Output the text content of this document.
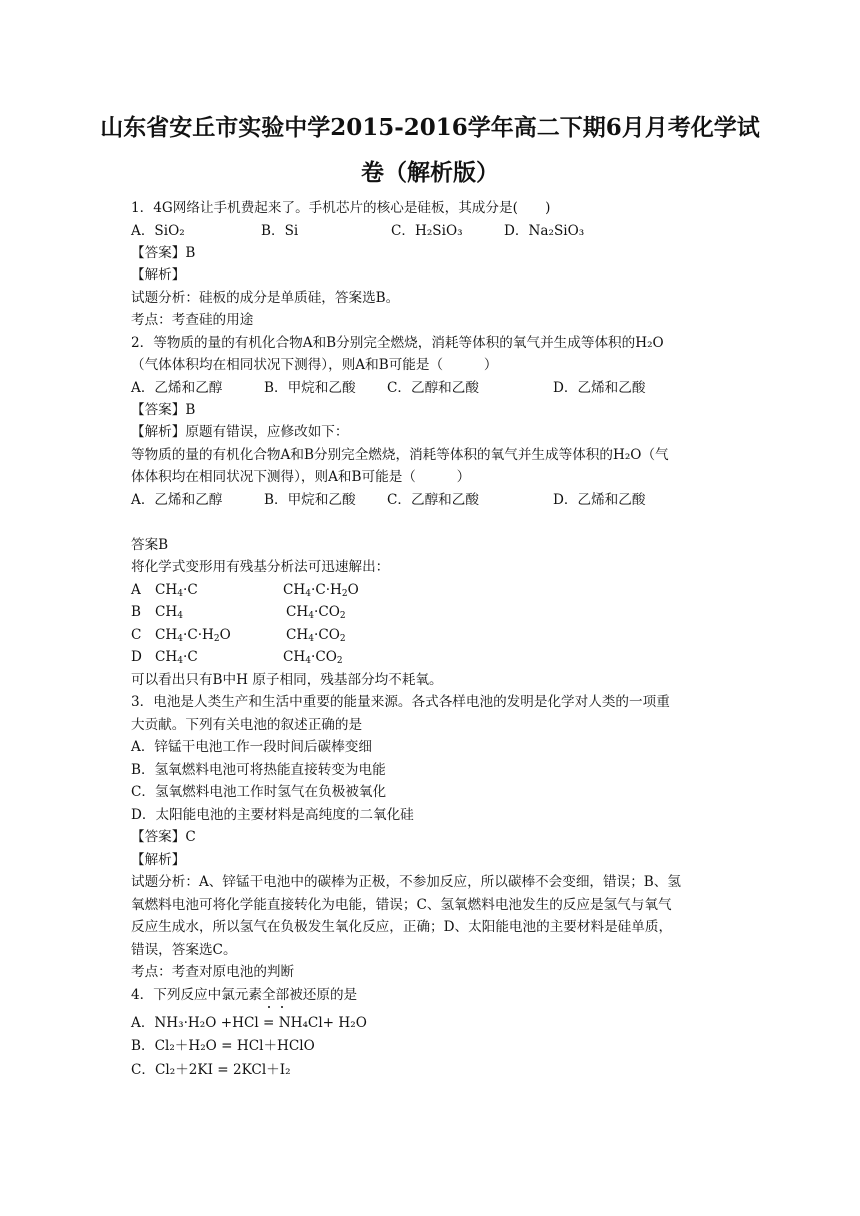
山东省安丘市实验中学2015-2016学年高二下期6月月考化学试
卷（解析版）
1．4G网络让手机费起来了。手机芯片的核心是硅板，其成分是(　　)
A．SiO₂	B．Si	C．H₂SiO₃	D．Na₂SiO₃
【答案】B
【解析】
试题分析：硅板的成分是单质硅，答案选B。
考点：考查硅的用途
2．等物质的量的有机化合物A和B分别完全燃烧，消耗等体积的氧气并生成等体积的H₂O
（气体体积均在相同状况下测得），则A和B可能是（　　　）
A．乙烯和乙醇	B．甲烷和乙酸 C．乙醇和乙酸	D．乙烯和乙酸
【答案】B
【解析】原题有错误，应修改如下：
等物质的量的有机化合物A和B分别完全燃烧，消耗等体积的氧气并生成等体积的H₂O（气
体体积均在相同状况下测得），则A和B可能是（　　　）
A．乙烯和乙醇	B．甲烷和乙酸 C．乙醇和乙酸	D．乙烯和乙酸
答案B
将化学式变形用有残基分析法可迅速解出：
A $CH_4\cdot C$	$CH_4\cdot C\cdot H_2O$
B $CH_4$	$CH_4\cdot CO_2$
C $CH_4\cdot C\cdot H_2O$	$CH_4\cdot CO_2$
D $CH_4\cdot C$	$CH_4\cdot CO_2$
可以看出只有B中H 原子相同，残基部分均不耗氧。
3．电池是人类生产和生活中重要的能量来源。各式各样电池的发明是化学对人类的一项重
大贡献。下列有关电池的叙述正确的是
A．锌锰干电池工作一段时间后碳棒变细
B．氢氧燃料电池可将热能直接转变为电能
C．氢氧燃料电池工作时氢气在负极被氧化
D．太阳能电池的主要材料是高纯度的二氧化硅
【答案】C
【解析】
试题分析：A、锌锰干电池中的碳棒为正极，不参加反应，所以碳棒不会变细，错误；B、氢
氧燃料电池可将化学能直接转化为电能，错误；C、氢氧燃料电池发生的反应是氢气与氧气
反应生成水，所以氢气在负极发生氧化反应，正确；D、太阳能电池的主要材料是硅单质，
错误，答案选C。
考点：考查对原电池的判断
4．下列反应中氯元素全部被还原的是
A．NH₃·H₂O +HCl = NH₄Cl+ H₂O
B．Cl₂＋H₂O = HCl＋HClO
C．Cl₂＋2KI = 2KCl＋I₂
